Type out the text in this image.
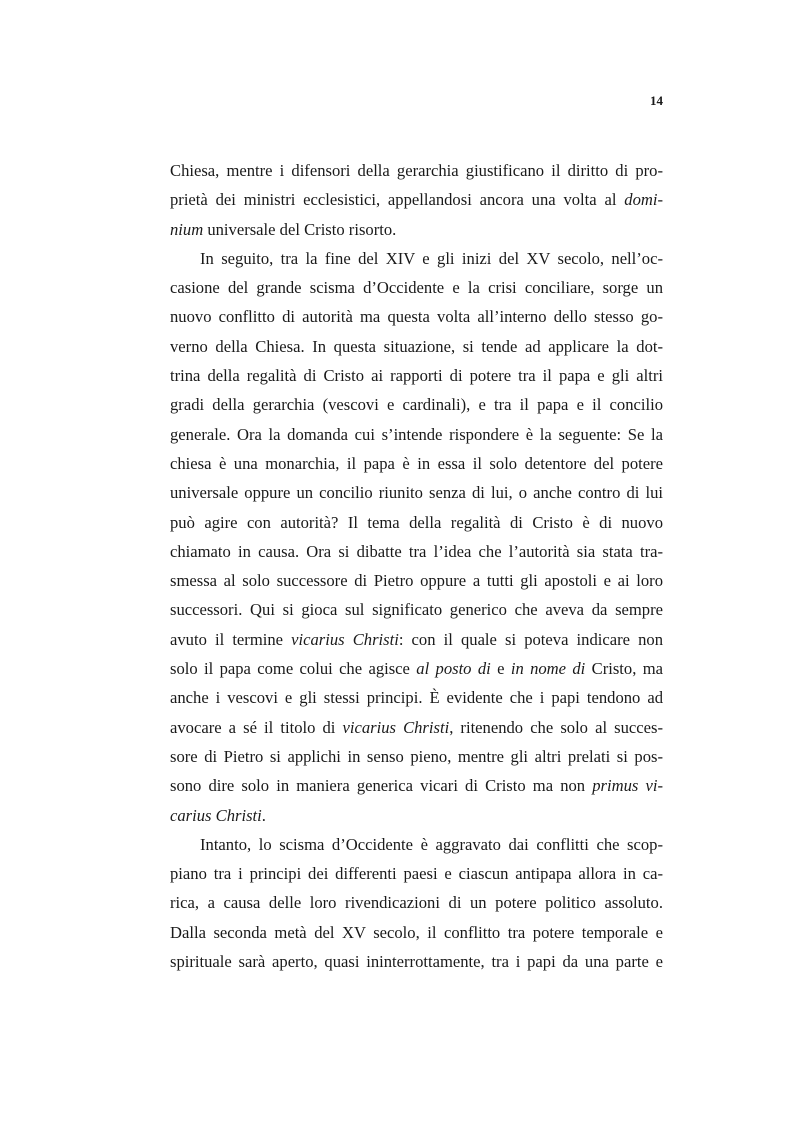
14
Chiesa, mentre i difensori della gerarchia giustificano il diritto di pro-
prietà dei ministri ecclesistici, appellandosi ancora una volta al domi-
nium universale del Cristo risorto.
In seguito, tra la fine del XIV e gli inizi del XV secolo, nell’oc-
casione del grande scisma d’Occidente e la crisi conciliare, sorge un
nuovo conflitto di autorità ma questa volta all’interno dello stesso go-
verno della Chiesa. In questa situazione, si tende ad applicare la dot-
trina della regalità di Cristo ai rapporti di potere tra il papa e gli altri
gradi della gerarchia (vescovi e cardinali), e tra il papa e il concilio
generale. Ora la domanda cui s’intende rispondere è la seguente: Se la
chiesa è una monarchia, il papa è in essa il solo detentore del potere
universale oppure un concilio riunito senza di lui, o anche contro di lui
può agire con autorità? Il tema della regalità di Cristo è di nuovo
chiamato in causa. Ora si dibatte tra l’idea che l’autorità sia stata tra-
smessa al solo successore di Pietro oppure a tutti gli apostoli e ai loro
successori. Qui si gioca sul significato generico che aveva da sempre
avuto il termine vicarius Christi: con il quale si poteva indicare non
solo il papa come colui che agisce al posto di e in nome di Cristo, ma
anche i vescovi e gli stessi principi. È evidente che i papi tendono ad
avocare a sé il titolo di vicarius Christi, ritenendo che solo al succes-
sore di Pietro si applichi in senso pieno, mentre gli altri prelati si pos-
sono dire solo in maniera generica vicari di Cristo ma non primus vi-
carius Christi.
Intanto, lo scisma d’Occidente è aggravato dai conflitti che scop-
piano tra i principi dei differenti paesi e ciascun antipapa allora in ca-
rica, a causa delle loro rivendicazioni di un potere politico assoluto.
Dalla seconda metà del XV secolo, il conflitto tra potere temporale e
spirituale sarà aperto, quasi ininterrottamente, tra i papi da una parte e
